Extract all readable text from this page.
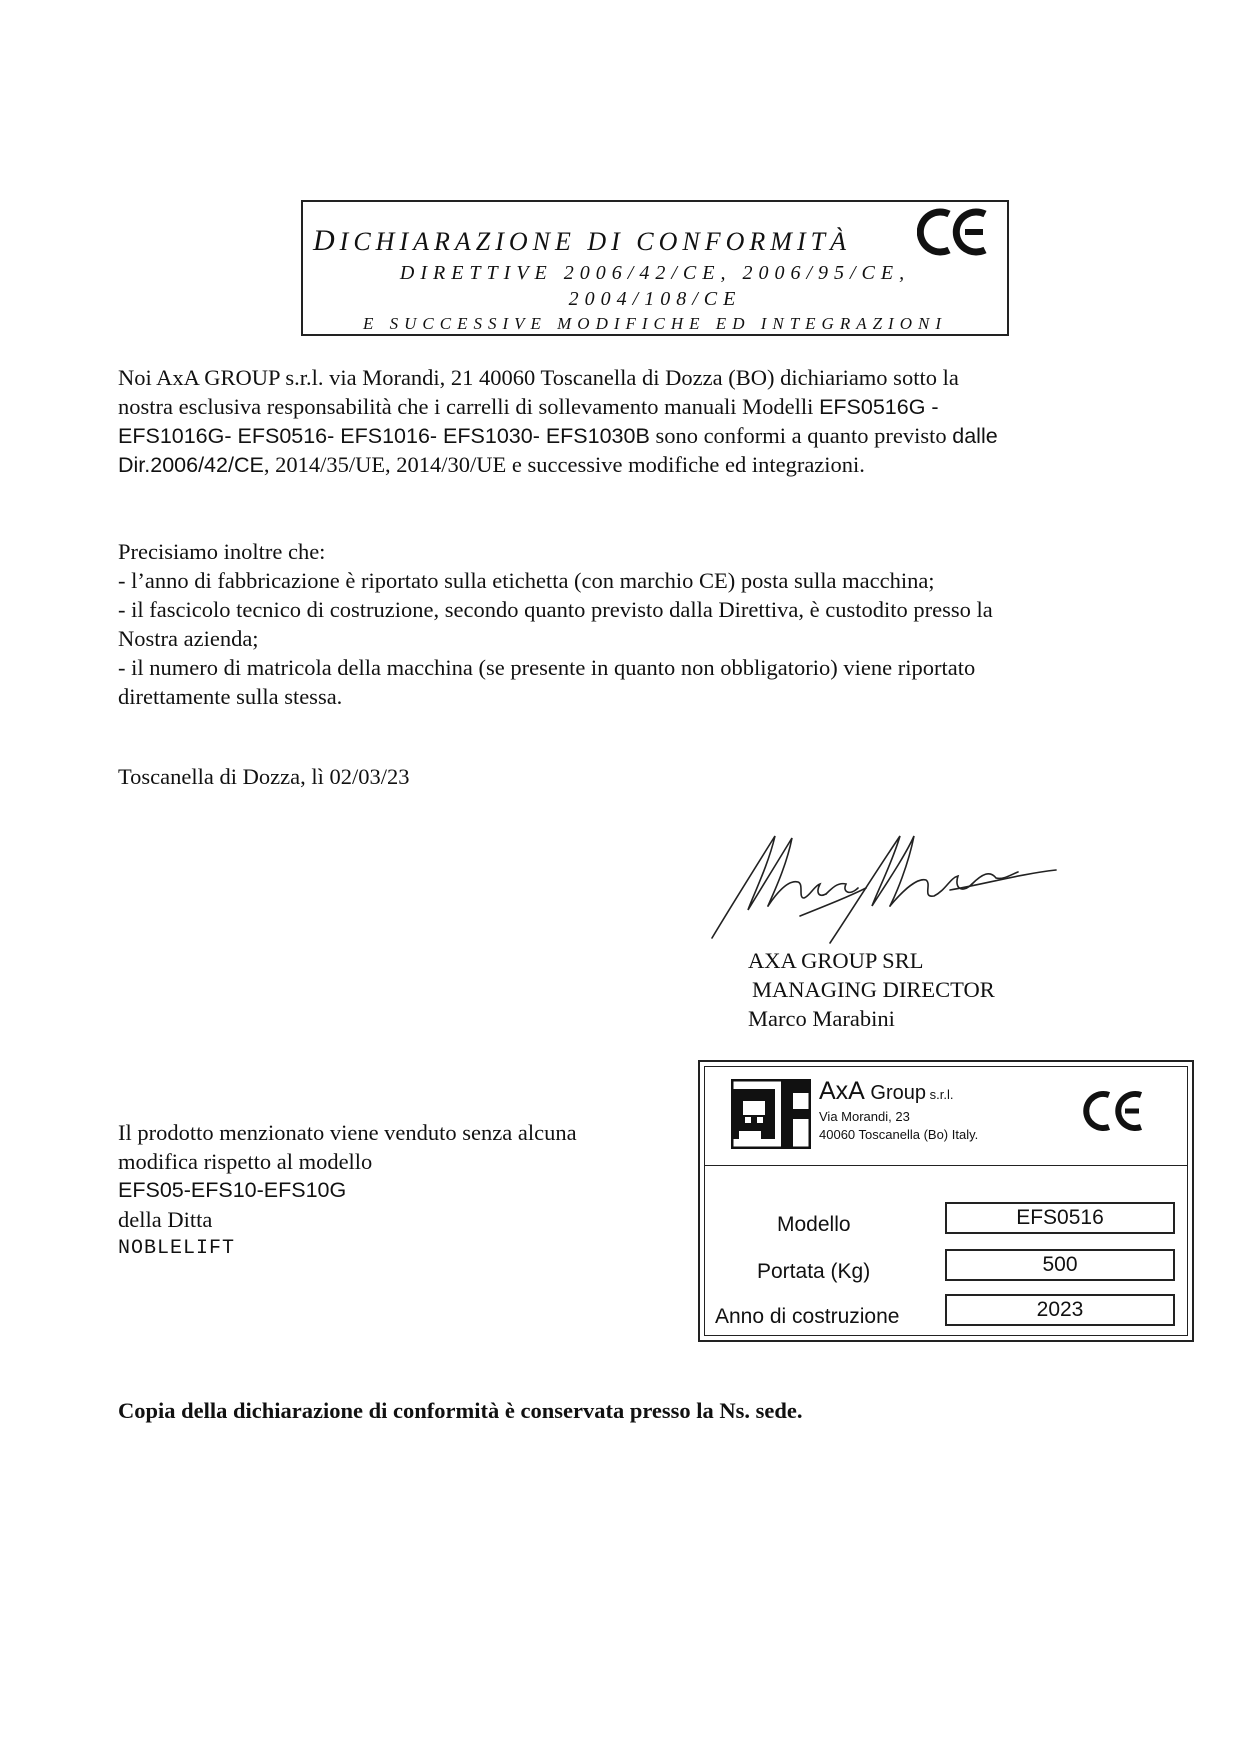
DICHIARAZIONE DI CONFORMITÀ
DIRETTIVE 2006/42/CE, 2006/95/CE,
2004/108/CE
E SUCCESSIVE MODIFICHE ED INTEGRAZIONI
Noi AxA GROUP s.r.l. via Morandi, 21 40060 Toscanella di Dozza (BO) dichiariamo sotto la
nostra esclusiva responsabilità che i carrelli di sollevamento manuali Modelli EFS0516G -
EFS1016G- EFS0516- EFS1016- EFS1030- EFS1030B sono conformi a quanto previsto dalle
Dir.2006/42/CE, 2014/35/UE, 2014/30/UE e successive modifiche ed integrazioni.
Precisiamo inoltre che:
- l’anno di fabbricazione è riportato sulla etichetta (con marchio CE) posta sulla macchina;
- il fascicolo tecnico di costruzione, secondo quanto previsto dalla Direttiva, è custodito presso la
Nostra azienda;
- il numero di matricola della macchina (se presente in quanto non obbligatorio) viene riportato
direttamente sulla stessa.
Toscanella di Dozza, lì 02/03/23
AXA GROUP SRL
MANAGING DIRECTOR
Marco Marabini
Il prodotto menzionato viene venduto senza alcuna
modifica rispetto al modello
EFS05-EFS10-EFS10G
della Ditta
NOBLELIFT
AxA Group s.r.l.
Via Morandi, 23
40060 Toscanella (Bo) Italy.
Modello	EFS0516
Portata (Kg)	500
Anno di costruzione	2023
Copia della dichiarazione di conformità è conservata presso la Ns. sede.
